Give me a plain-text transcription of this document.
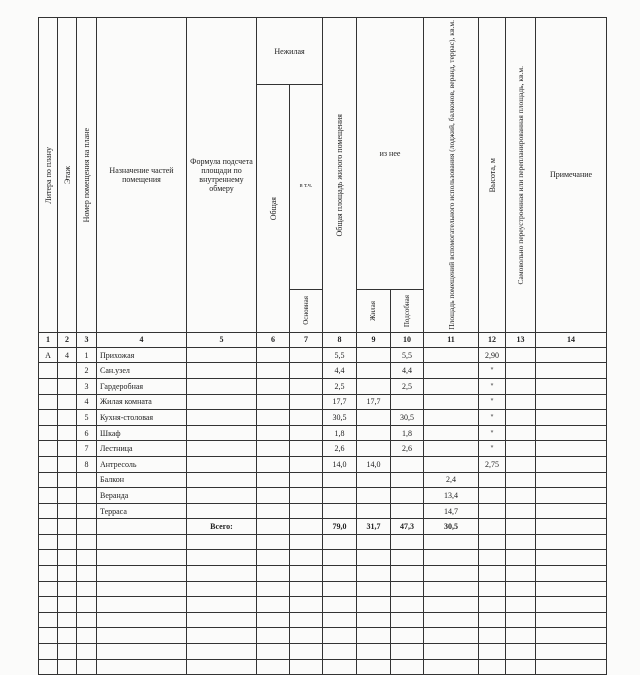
Литера по плану	Этаж	Номер помещения на плане	Назначение частей помещения	Формула подсчета площади по внутреннему обмеру	Нежилая		Общая площадь жилого помещения	из нее		Площадь помещений вспомогательного использования (лоджий, балконов, веранд, террас), кв.м.	Высота, м	Самовольно переустроенная или перепланированная площадь, кв.м.	Примечание

					Общая	в т.ч.							

						Основная		Жилая	Подсобная				

1	2	3	4	5	6	7	8	9	10	11	12	13	14
А	4	1	Прихожая				5,5		5,5		2,90		
		2	Сан.узел				4,4		4,4		"		
		3	Гардеробная				2,5		2,5		"		
		4	Жилая комната				17,7	17,7			"		
		5	Кухня-столовая				30,5		30,5		"		
		6	Шкаф				1,8		1,8		"		
		7	Лестница				2,6		2,6		"		
		8	Антресоль				14,0	14,0			2,75		
			Балкон							2,4			
			Веранда							13,4			
			Терраса							14,7			
				Всего:			79,0	31,7	47,3	30,5			
